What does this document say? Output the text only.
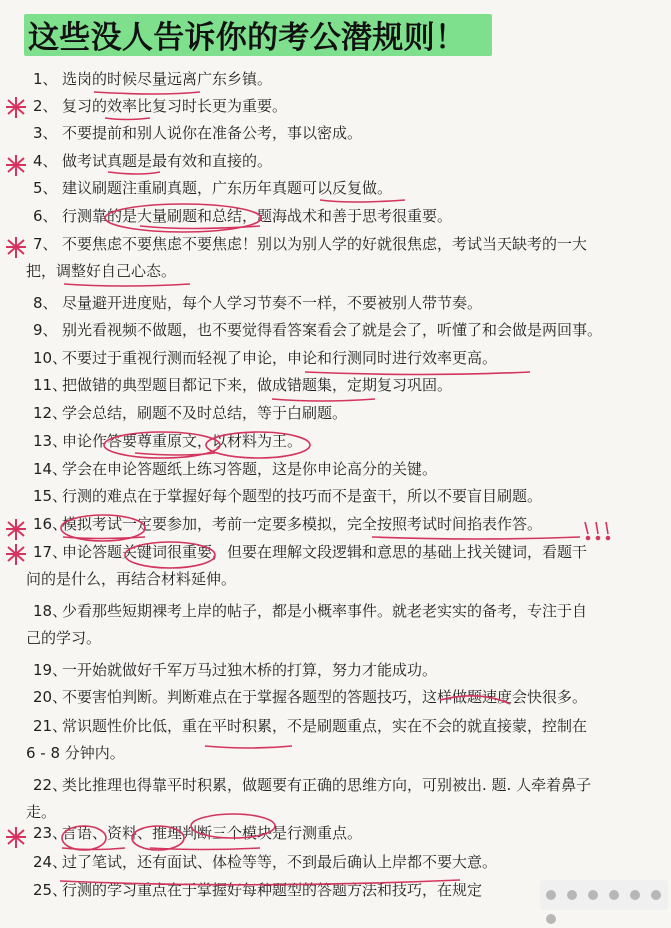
这些没人告诉你的考公潜规则！
1、 选岗的时候尽量远离广东乡镇。
2、 复习的效率比复习时长更为重要。
3、 不要提前和别人说你在准备公考，事以密成。
4、 做考试真题是最有效和直接的。
5、 建议刷题注重刷真题，广东历年真题可以反复做。
6、 行测靠的是大量刷题和总结，题海战术和善于思考很重要。
7、 不要焦虑不要焦虑不要焦虑！别以为别人学的好就很焦虑，考试当天缺考的一大
把，调整好自己心态。
8、 尽量避开进度贴，每个人学习节奏不一样，不要被别人带节奏。
9、 别光看视频不做题，也不要觉得看答案看会了就是会了，听懂了和会做是两回事。
10、
不要过于重视行测而轻视了申论，申论和行测同时进行效率更高。
11、
把做错的典型题目都记下来，做成错题集，定期复习巩固。
12、
学会总结，刷题不及时总结，等于白刷题。
13、
申论作答要尊重原文，以材料为王。
14、
学会在申论答题纸上练习答题，这是你申论高分的关键。
15、
行测的难点在于掌握好每个题型的技巧而不是蛮干，所以不要盲目刷题。
16、
模拟考试一定要参加，考前一定要多模拟，完全按照考试时间掐表作答。
17、
申论答题关键词很重要，但要在理解文段逻辑和意思的基础上找关键词，看题干
问的是什么，再结合材料延伸。
18、
少看那些短期裸考上岸的帖子，都是小概率事件。就老老实实的备考，专注于自
己的学习。
19、
一开始就做好千军万马过独木桥的打算，努力才能成功。
20、
不要害怕判断。判断难点在于掌握各题型的答题技巧，这样做题速度会快很多。
21、
常识题性价比低，重在平时积累，不是刷题重点，实在不会的就直接蒙，控制在
6 - 8 分钟内。
22、
类比推理也得靠平时积累，做题要有正确的思维方向，可别被出. 题. 人牵着鼻子
走。
23、
言语、资料、推理判断三个模块是行测重点。
24、
过了笔试，还有面试、体检等等，不到最后确认上岸都不要大意。
25、
行测的学习重点在于掌握好每种题型的答题方法和技巧，在规定
